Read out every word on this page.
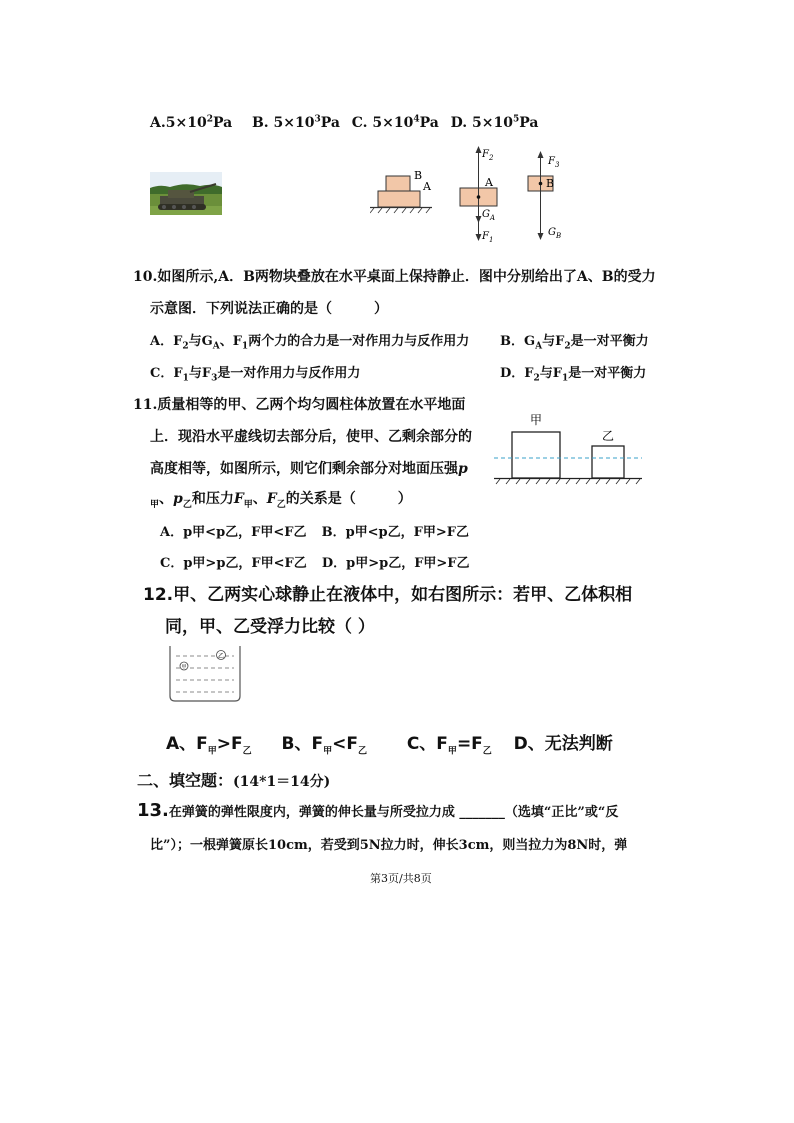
$A.5\times 10^2Pa$ B. $5\times 10^3Pa$ C. $5\times 10^4Pa$ D. $5\times 10^5Pa$
B
A	A
$F_2$
$G_A$
$F_1$
B
$F_3$
$G_B$
10.如图所示,A．B两物块叠放在水平桌面上保持静止．图中分别给出了A、B的受力
示意图．下列说法正确的是（　　　）
A．$F_2$与$G_A$、$F_1$两个力的合力是一对作用力与反作用力 B．$G_A$与$F_2$是一对平衡力
C．$F_1$与$F_3$是一对作用力与反作用力	D．$F_2$与$F_1$是一对平衡力
11.质量相等的甲、乙两个均匀圆柱体放置在水平地面
上．现沿水平虚线切去部分后，使甲、乙剩余部分的
高度相等，如图所示，则它们剩余部分对地面压强p
$_甲$、$p_乙$和压力$F_甲$、$F_乙$的关系是（　　　）
A．p甲<p乙，F甲<F乙 B．p甲<p乙，F甲>F乙
C．p甲>p乙，F甲<F乙 D．p甲>p乙，F甲>F乙
甲
乙
12.甲、乙两实心球静止在液体中，如右图所示：若甲、乙体积相
同，甲、乙受浮力比较（ ）
乙
甲
A、$F_甲>F_乙$ B、$F_甲<F_乙$ C、$F_甲=F_乙$ D、无法判断
二、填空题：(14*1＝14分)
13.在弹簧的弹性限度内，弹簧的伸长量与所受拉力成 _______（选填“正比”或“反
比”）；一根弹簧原长10cm，若受到5N拉力时，伸长3cm，则当拉力为8N时，弹
第3页/共8页
